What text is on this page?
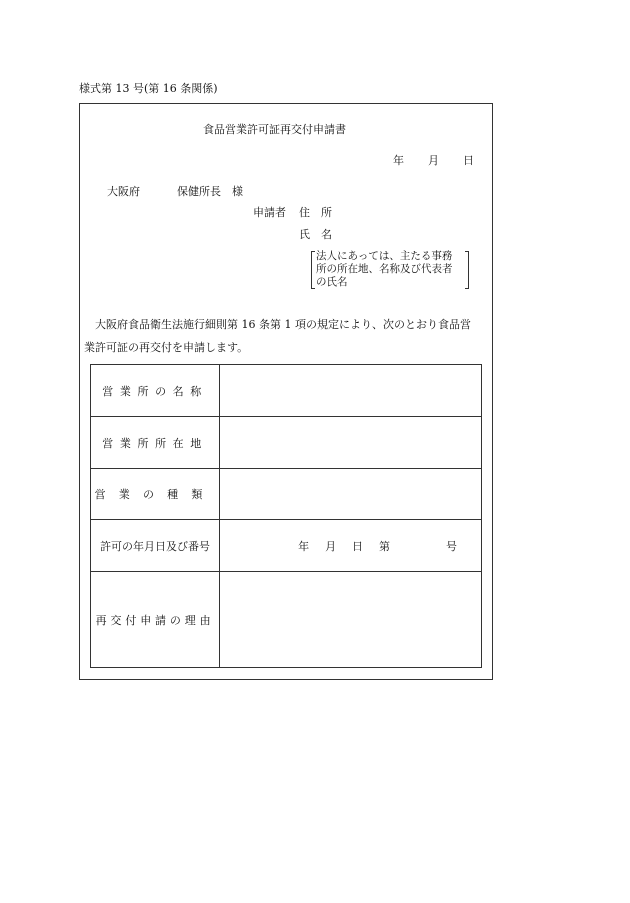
様式第 13 号(第 16 条関係)
食品営業許可証再交付申請書
年 月 日
大阪府	保健所長　様
申請者 住　所
氏　名
法人にあっては、主たる事務
所の所在地、名称及び代表者
の氏名
大阪府食品衛生法施行細則第 16 条第 1 項の規定により、次のとおり食品営
業許可証の再交付を申請します。
営業所の名称	
営業所所在地	
営業の種類	
許可の年月日及び番号	年 月 日 第 号

再交付申請の理由	
